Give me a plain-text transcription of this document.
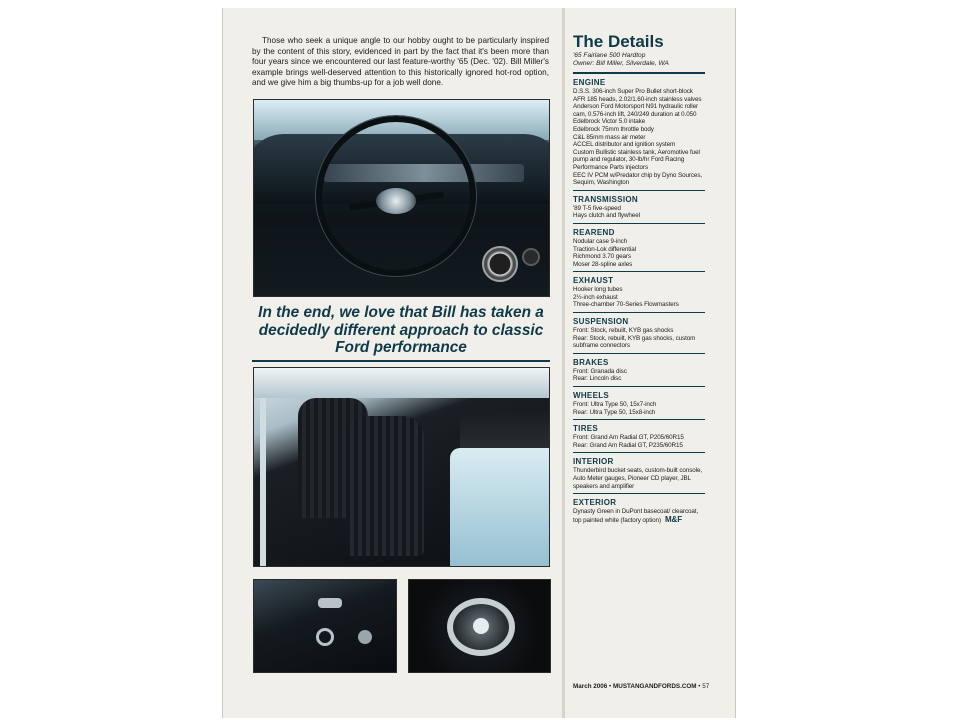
Those who seek a unique angle to our hobby ought to be particularly inspired by the content of this story, evidenced in part by the fact that it's been more than four years since we encountered our last feature-worthy '65 (Dec. '02). Bill Miller's example brings well-deserved attention to this historically ignored hot-rod option, and we give him a big thumbs-up for a job well done.

In the end, we love that Bill has taken a decidedly different approach to classic Ford performance
The Details
'65 Fairlane 500 Hardtop
Owner: Bill Miller, Silverdale, WA
ENGINE
D.S.S. 306-inch Super Pro Bullet short-block
AFR 185 heads, 2.02/1.60-inch stainless valves
Anderson Ford Motorsport N91 hydraulic roller cam, 0.576-inch lift, 240/249 duration at 0.050
Edelbrock Victor 5.0 intake
Edelbrock 75mm throttle body
C&L 85mm mass air meter
ACCEL distributor and ignition system
Custom Bullistic stainless tank, Aeromotive fuel pump and regulator, 30-lb/hr Ford Racing Performance Parts injectors
EEC IV PCM w/Predator chip by Dyno Sources, Sequim, Washington
TRANSMISSION
'89 T-5 five-speed
Hays clutch and flywheel
REAREND
Nodular case 9-inch
Traction-Lok differential
Richmond 3.70 gears
Moser 28-spline axles
EXHAUST
Hooker long tubes
2½-inch exhaust
Three-chamber 70-Series Flowmasters
SUSPENSION
Front: Stock, rebuilt, KYB gas shocks
Rear: Stock, rebuilt, KYB gas shocks, custom subframe connectors
BRAKES
Front: Granada disc
Rear: Lincoln disc
WHEELS
Front: Ultra Type 50, 15x7-inch
Rear: Ultra Type 50, 15x8-inch
TIRES
Front: Grand Am Radial GT, P205/60R15
Rear: Grand Am Radial GT, P235/60R15
INTERIOR
Thunderbird bucket seats, custom-built console, Auto Meter gauges, Pioneer CD player, JBL speakers and amplifier
EXTERIOR
Dynasty Green in DuPont basecoat/ clearcoat, top painted white (factory option) M&F
March 2006 • MUSTANGANDFORDS.COM • 57
